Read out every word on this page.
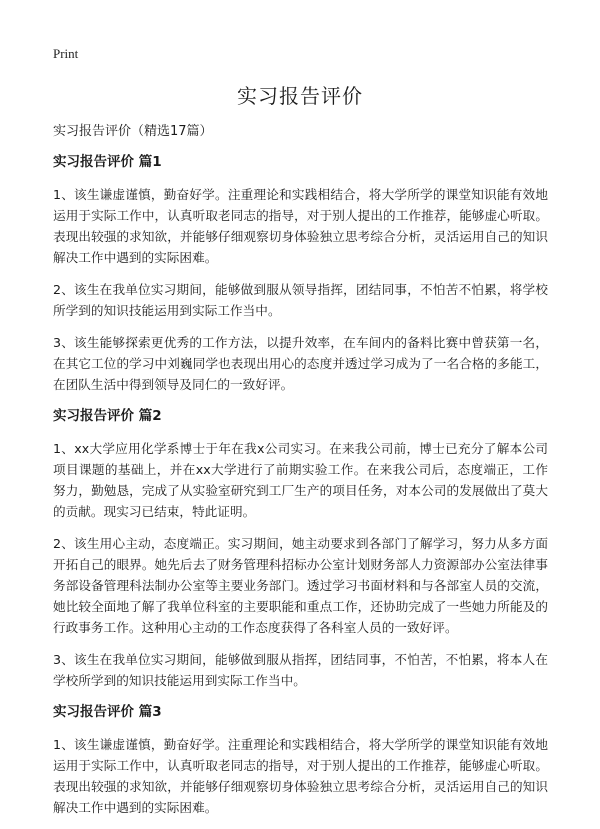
Print
实习报告评价

实习报告评价（精选17篇）

实习报告评价 篇1

1、该生谦虚谨慎，勤奋好学。注重理论和实践相结合，将大学所学的课堂知识能有效地运用于实际工作中，认真听取老同志的指导，对于别人提出的工作推荐，能够虚心听取。表现出较强的求知欲，并能够仔细观察切身体验独立思考综合分析，灵活运用自己的知识解决工作中遇到的实际困难。

2、该生在我单位实习期间，能够做到服从领导指挥，团结同事，不怕苦不怕累，将学校所学到的知识技能运用到实际工作当中。

3、该生能够探索更优秀的工作方法，以提升效率，在车间内的备料比赛中曾获第一名，在其它工位的学习中刘巍同学也表现出用心的态度并透过学习成为了一名合格的多能工，在团队生活中得到领导及同仁的一致好评。

实习报告评价 篇2

1、xx大学应用化学系博士于年在我x公司实习。在来我公司前，博士已充分了解本公司项目课题的基础上，并在xx大学进行了前期实验工作。在来我公司后，态度端正，工作努力，勤勉恳，完成了从实验室研究到工厂生产的项目任务，对本公司的发展做出了莫大的贡献。现实习已结束，特此证明。

2、该生用心主动，态度端正。实习期间，她主动要求到各部门了解学习，努力从多方面开拓自己的眼界。她先后去了财务管理科招标办公室计划财务部人力资源部办公室法律事务部设备管理科法制办公室等主要业务部门。透过学习书面材料和与各部室人员的交流，她比较全面地了解了我单位科室的主要职能和重点工作，还协助完成了一些她力所能及的行政事务工作。这种用心主动的工作态度获得了各科室人员的一致好评。

3、该生在我单位实习期间，能够做到服从指挥，团结同事，不怕苦，不怕累，将本人在学校所学到的知识技能运用到实际工作当中。

实习报告评价 篇3

1、该生谦虚谨慎，勤奋好学。注重理论和实践相结合，将大学所学的课堂知识能有效地运用于实际工作中，认真听取老同志的指导，对于别人提出的工作推荐，能够虚心听取。表现出较强的求知欲，并能够仔细观察切身体验独立思考综合分析，灵活运用自己的知识解决工作中遇到的实际困难。
